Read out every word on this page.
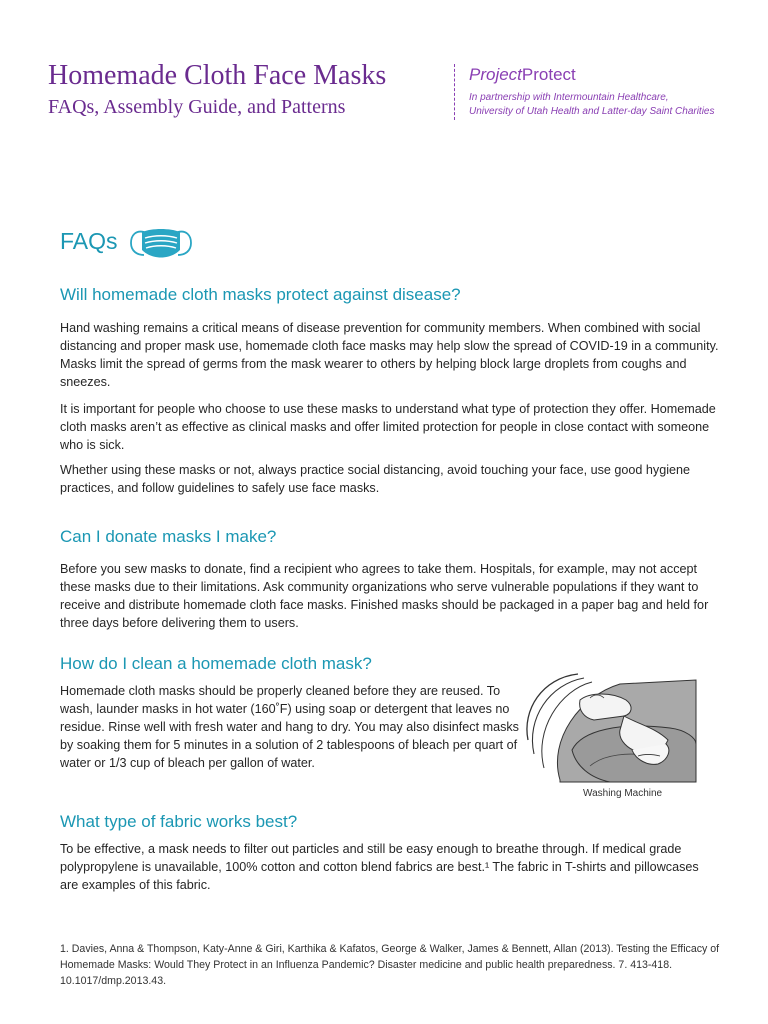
Homemade Cloth Face Masks
FAQs, Assembly Guide, and Patterns
ProjectProtect
In partnership with Intermountain Healthcare,
University of Utah Health and Latter-day Saint Charities
FAQs
Will homemade cloth masks protect against disease?

Hand washing remains a critical means of disease prevention for community members. When combined with social distancing and proper mask use, homemade cloth face masks may help slow the spread of COVID-19 in a community. Masks limit the spread of germs from the mask wearer to others by helping block large droplets from coughs and sneezes.

It is important for people who choose to use these masks to understand what type of protection they offer. Homemade cloth masks aren’t as effective as clinical masks and offer limited protection for people in close contact with someone who is sick.

Whether using these masks or not, always practice social distancing, avoid touching your face, use good hygiene practices, and follow guidelines to safely use face masks.

Can I donate masks I make?

Before you sew masks to donate, find a recipient who agrees to take them. Hospitals, for example, may not accept these masks due to their limitations. Ask community organizations who serve vulnerable populations if they want to receive and distribute homemade cloth face masks. Finished masks should be packaged in a paper bag and held for three days before delivering them to users.

How do I clean a homemade cloth mask?

Homemade cloth masks should be properly cleaned before they are reused. To wash, launder masks in hot water (160˚F) using soap or detergent that leaves no residue. Rinse well with fresh water and hang to dry. You may also disinfect masks by soaking them for 5 minutes in a solution of 2 tablespoons of bleach per quart of water or 1/3 cup of bleach per gallon of water.

Washing Machine
What type of fabric works best?

To be effective, a mask needs to filter out particles and still be easy enough to breathe through. If medical grade polypropylene is unavailable, 100% cotton and cotton blend fabrics are best.¹ The fabric in T-shirts and pillowcases are examples of this fabric.

1. Davies, Anna & Thompson, Katy-Anne & Giri, Karthika & Kafatos, George & Walker, James & Bennett, Allan (2013). Testing the Efficacy of Homemade Masks: Would They Protect in an Influenza Pandemic? Disaster medicine and public health preparedness. 7. 413-418. 10.1017/dmp.2013.43.
